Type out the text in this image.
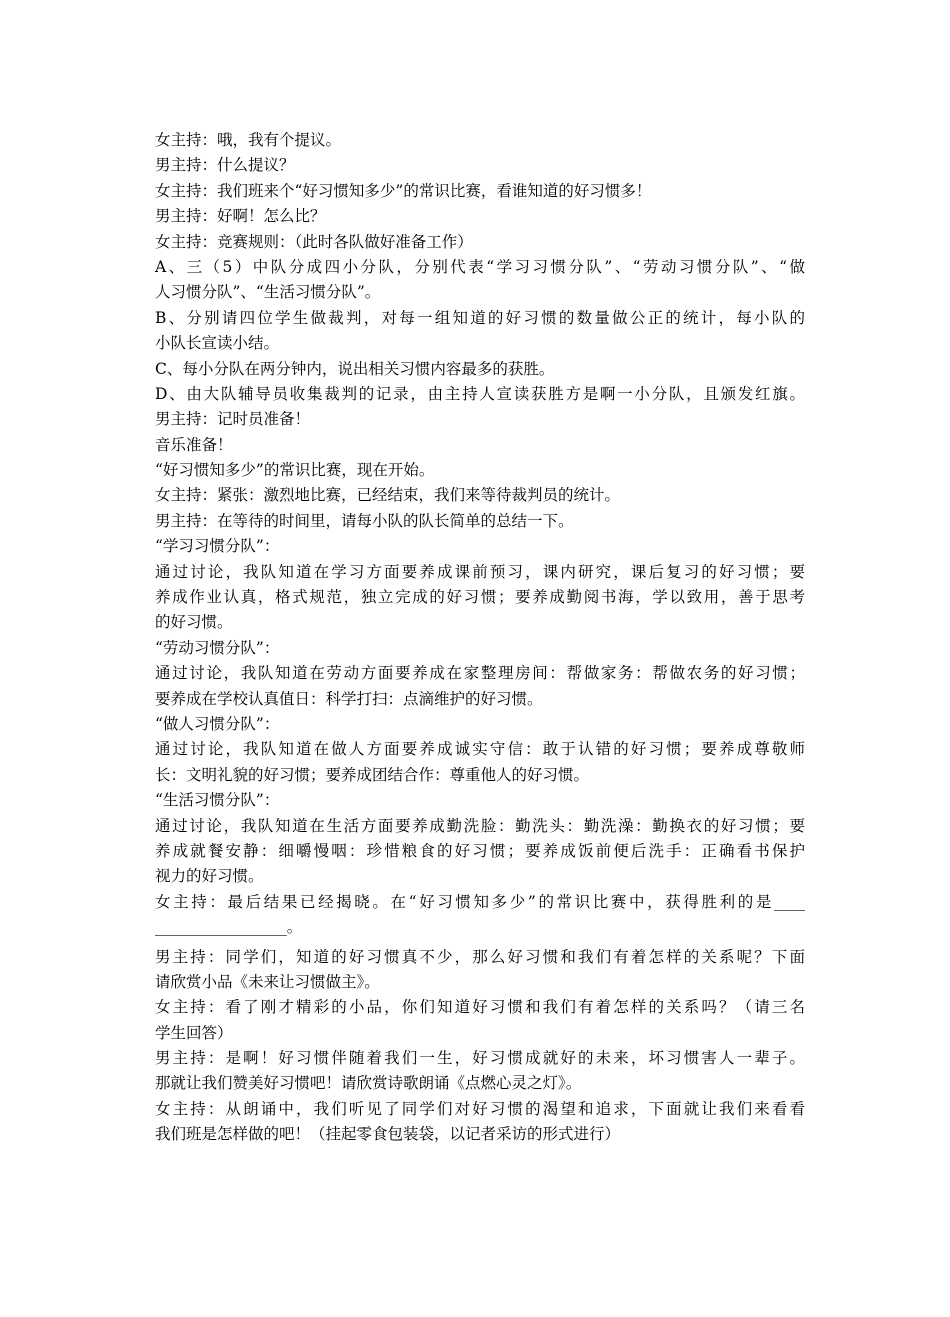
女主持：哦，我有个提议。
男主持：什么提议？
女主持：我们班来个“好习惯知多少”的常识比赛，看谁知道的好习惯多！
男主持：好啊！怎么比？
女主持：竞赛规则：（此时各队做好准备工作）
A、三（5）中队分成四小分队，分别代表“学习习惯分队”、“劳动习惯分队”、“做
人习惯分队”、“生活习惯分队”。
B、分别请四位学生做裁判，对每一组知道的好习惯的数量做公正的统计，每小队的
小队长宣读小结。
C、每小分队在两分钟内，说出相关习惯内容最多的获胜。
D、由大队辅导员收集裁判的记录，由主持人宣读获胜方是啊一小分队，且颁发红旗。
男主持：记时员准备！
音乐准备！
“好习惯知多少”的常识比赛，现在开始。
女主持：紧张：激烈地比赛，已经结束，我们来等待裁判员的统计。
男主持：在等待的时间里，请每小队的队长简单的总结一下。
“学习习惯分队”：
通过讨论，我队知道在学习方面要养成课前预习，课内研究，课后复习的好习惯；要
养成作业认真，格式规范，独立完成的好习惯；要养成勤阅书海，学以致用，善于思考
的好习惯。
“劳动习惯分队”：
通过讨论，我队知道在劳动方面要养成在家整理房间：帮做家务：帮做农务的好习惯；
要养成在学校认真值日：科学打扫：点滴维护的好习惯。
“做人习惯分队”：
通过讨论，我队知道在做人方面要养成诚实守信：敢于认错的好习惯；要养成尊敬师
长：文明礼貌的好习惯；要养成团结合作：尊重他人的好习惯。
“生活习惯分队”：
通过讨论，我队知道在生活方面要养成勤洗脸：勤洗头：勤洗澡：勤换衣的好习惯；要
养成就餐安静：细嚼慢咽：珍惜粮食的好习惯；要养成饭前便后洗手：正确看书保护
视力的好习惯。
女主持：最后结果已经揭晓。在“好习惯知多少”的常识比赛中，获得胜利的是____
_________________。
男主持：同学们，知道的好习惯真不少，那么好习惯和我们有着怎样的关系呢？下面
请欣赏小品《未来让习惯做主》。
女主持：看了刚才精彩的小品，你们知道好习惯和我们有着怎样的关系吗？（请三名
学生回答）
男主持：是啊！好习惯伴随着我们一生，好习惯成就好的未来，坏习惯害人一辈子。
那就让我们赞美好习惯吧！请欣赏诗歌朗诵《点燃心灵之灯》。
女主持：从朗诵中，我们听见了同学们对好习惯的渴望和追求，下面就让我们来看看
我们班是怎样做的吧！（挂起零食包装袋，以记者采访的形式进行）
